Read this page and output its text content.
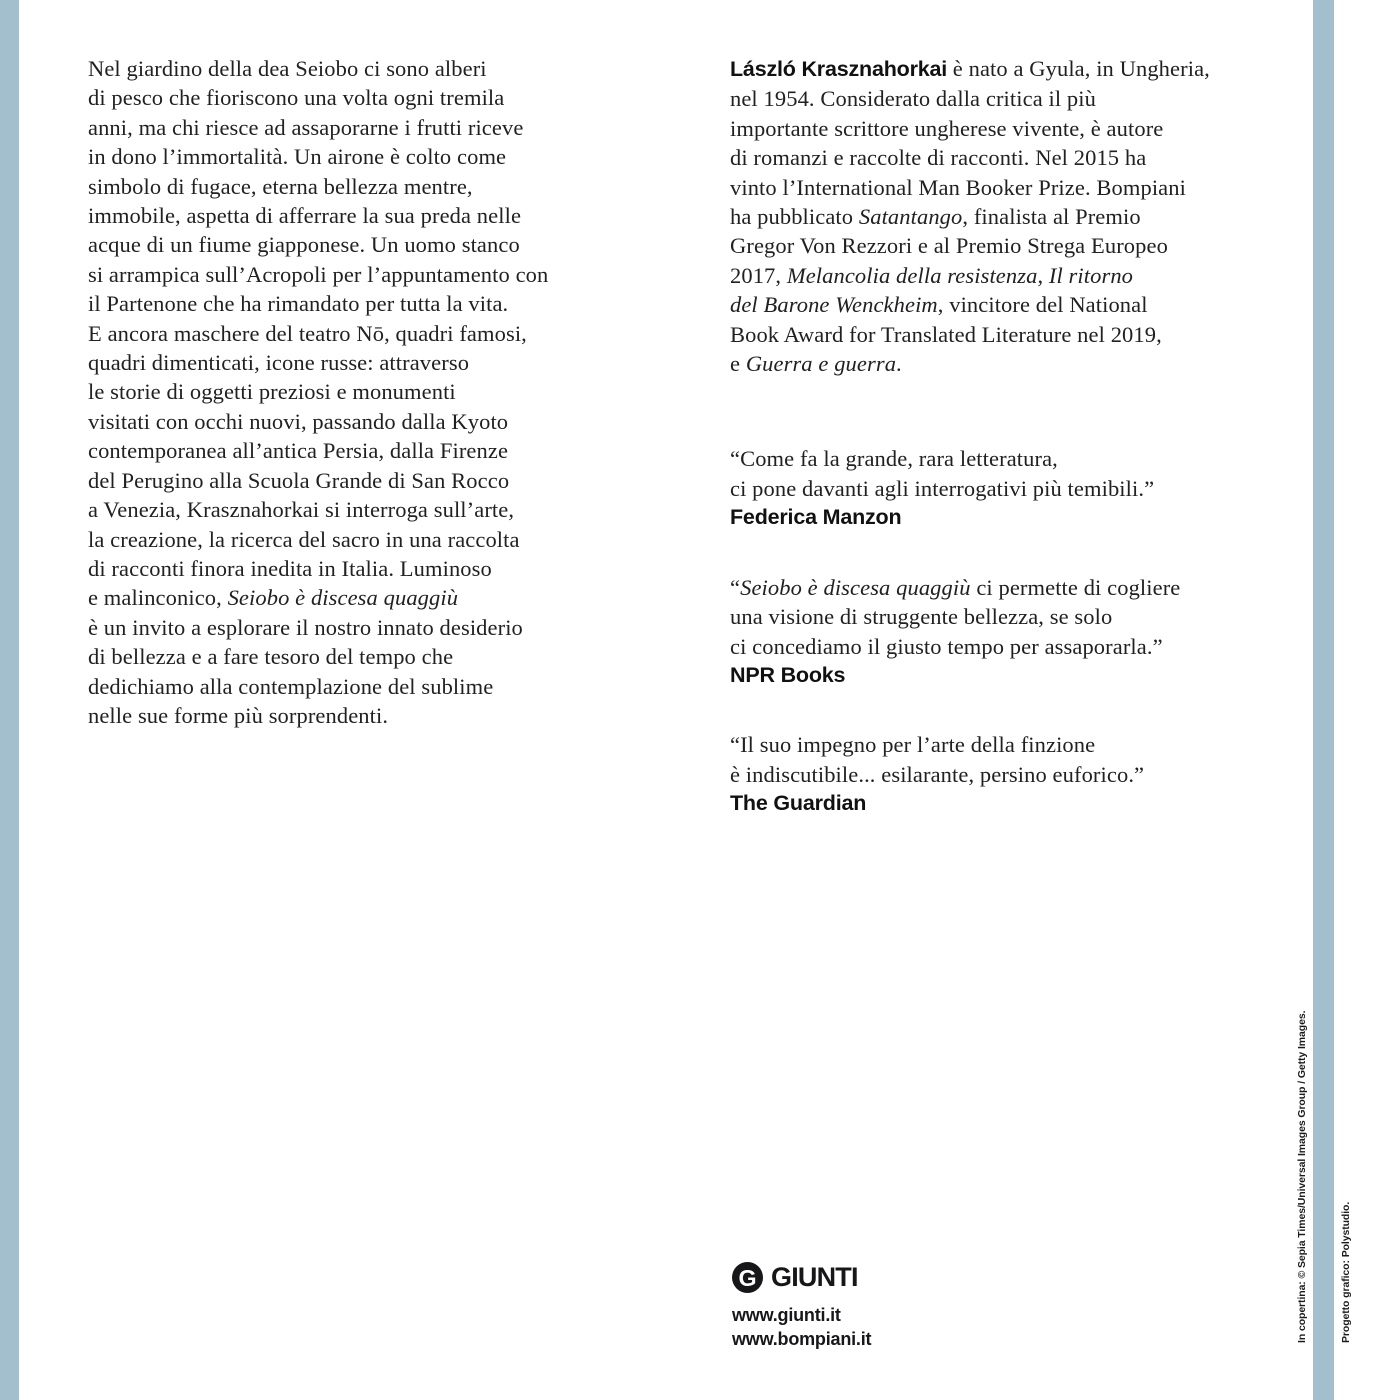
Nel giardino della dea Seiobo ci sono alberi
di pesco che fioriscono una volta ogni tremila
anni, ma chi riesce ad assaporarne i frutti riceve
in dono l’immortalità. Un airone è colto come
simbolo di fugace, eterna bellezza mentre,
immobile, aspetta di afferrare la sua preda nelle
acque di un fiume giapponese. Un uomo stanco
si arrampica sull’Acropoli per l’appuntamento con
il Partenone che ha rimandato per tutta la vita.
E ancora maschere del teatro Nō, quadri famosi,
quadri dimenticati, icone russe: attraverso
le storie di oggetti preziosi e monumenti
visitati con occhi nuovi, passando dalla Kyoto
contemporanea all’antica Persia, dalla Firenze
del Perugino alla Scuola Grande di San Rocco
a Venezia, Krasznahorkai si interroga sull’arte,
la creazione, la ricerca del sacro in una raccolta
di racconti finora inedita in Italia. Luminoso
e malinconico, Seiobo è discesa quaggiù
è un invito a esplorare il nostro innato desiderio
di bellezza e a fare tesoro del tempo che
dedichiamo alla contemplazione del sublime
nelle sue forme più sorprendenti.
László Krasznahorkai è nato a Gyula, in Ungheria,
nel 1954. Considerato dalla critica il più
importante scrittore ungherese vivente, è autore
di romanzi e raccolte di racconti. Nel 2015 ha
vinto l’International Man Booker Prize. Bompiani
ha pubblicato Satantango, finalista al Premio
Gregor Von Rezzori e al Premio Strega Europeo
2017, Melancolia della resistenza, Il ritorno
del Barone Wenckheim, vincitore del National
Book Award for Translated Literature nel 2019,
e Guerra e guerra.
“Come fa la grande, rara letteratura,
ci pone davanti agli interrogativi più temibili.”
Federica Manzon
“Seiobo è discesa quaggiù ci permette di cogliere
una visione di struggente bellezza, se solo
ci concediamo il giusto tempo per assaporarla.”
NPR Books
“Il suo impegno per l’arte della finzione
è indiscutibile... esilarante, persino euforico.”
The Guardian
G GIUNTI
www.giunti.it
www.bompiani.it

	In copertina: © Sepia Times/Universal Images Group / Getty Images.

	Progetto grafico: Polystudio.
